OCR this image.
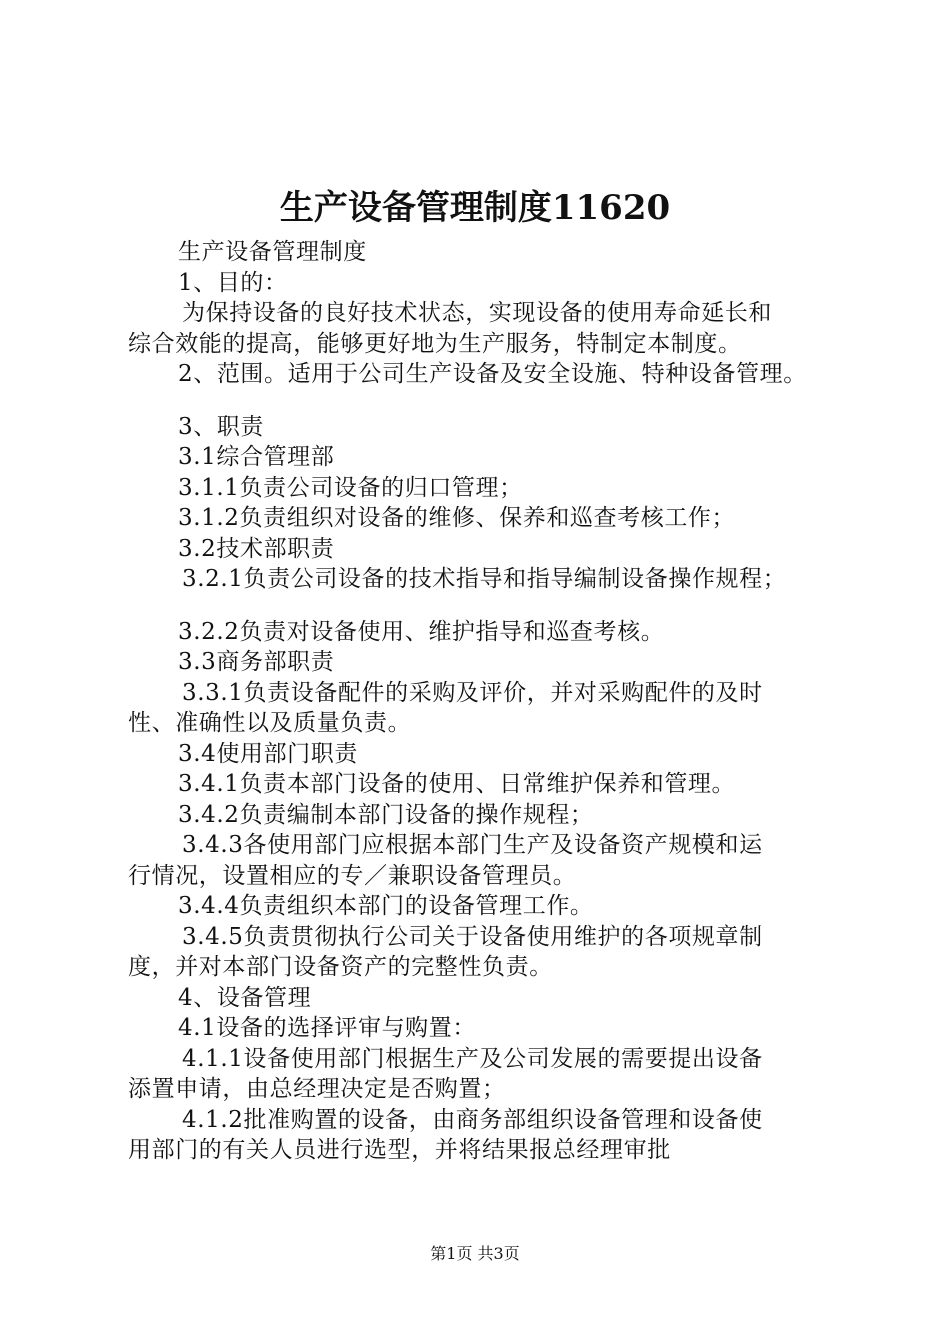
生产设备管理制度11620
生产设备管理制度
1、目的：
为保持设备的良好技术状态，实现设备的使用寿命延长和
综合效能的提高，能够更好地为生产服务，特制定本制度。
2、范围。适用于公司生产设备及安全设施、特种设备管理。
3、职责
3.1综合管理部
3.1.1负责公司设备的归口管理；
3.1.2负责组织对设备的维修、保养和巡查考核工作；
3.2技术部职责
3.2.1负责公司设备的技术指导和指导编制设备操作规程；
3.2.2负责对设备使用、维护指导和巡查考核。
3.3商务部职责
3.3.1负责设备配件的采购及评价，并对采购配件的及时
性、准确性以及质量负责。
3.4使用部门职责
3.4.1负责本部门设备的使用、日常维护保养和管理。
3.4.2负责编制本部门设备的操作规程；
3.4.3各使用部门应根据本部门生产及设备资产规模和运
行情况，设置相应的专／兼职设备管理员。
3.4.4负责组织本部门的设备管理工作。
3.4.5负责贯彻执行公司关于设备使用维护的各项规章制
度，并对本部门设备资产的完整性负责。
4、设备管理
4.1设备的选择评审与购置：
4.1.1设备使用部门根据生产及公司发展的需要提出设备
添置申请，由总经理决定是否购置；
4.1.2批准购置的设备，由商务部组织设备管理和设备使
用部门的有关人员进行选型，并将结果报总经理审批
第1页 共3页
